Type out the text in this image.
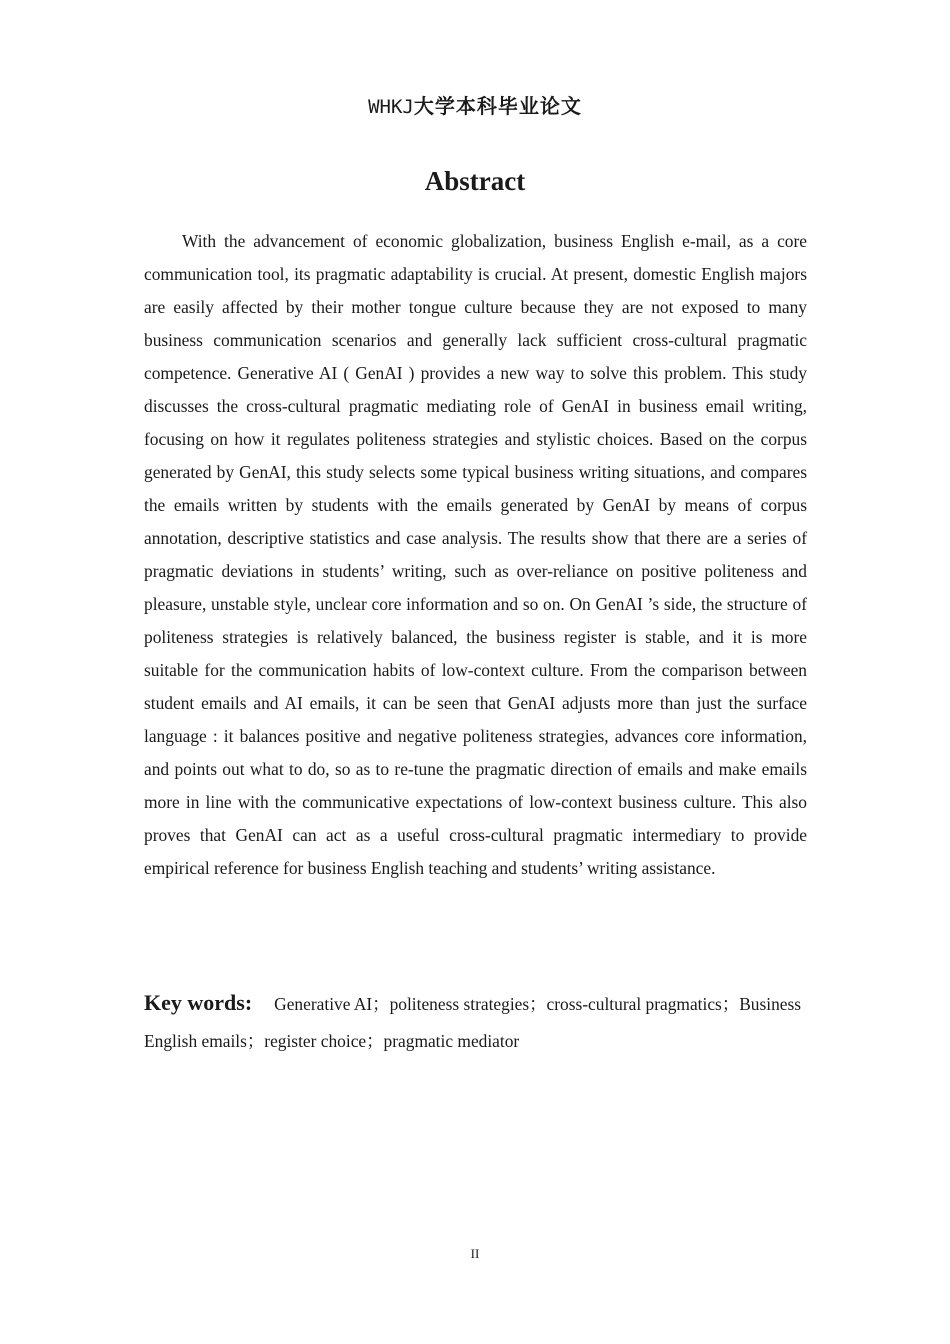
WHKJ大学本科毕业论文
Abstract

With the advancement of economic globalization, business English e-mail, as a core communication tool, its pragmatic adaptability is crucial. At present, domestic English majors are easily affected by their mother tongue culture because they are not exposed to many business communication scenarios and generally lack sufficient cross-cultural pragmatic competence. Generative AI ( GenAI ) provides a new way to solve this problem. This study discusses the cross-cultural pragmatic mediating role of GenAI in business email writing, focusing on how it regulates politeness strategies and stylistic choices. Based on the corpus generated by GenAI, this study selects some typical business writing situations, and compares the emails written by students with the emails generated by GenAI by means of corpus annotation, descriptive statistics and case analysis. The results show that there are a series of pragmatic deviations in students’ writing, such as over-reliance on positive politeness and pleasure, unstable style, unclear core information and so on. On GenAI ’s side, the structure of politeness strategies is relatively balanced, the business register is stable, and it is more suitable for the communication habits of low-context culture. From the comparison between student emails and AI emails, it can be seen that GenAI adjusts more than just the surface language : it balances positive and negative politeness strategies, advances core information, and points out what to do, so as to re-tune the pragmatic direction of emails and make emails more in line with the communicative expectations of low-context business culture. This also proves that GenAI can act as a useful cross-cultural pragmatic intermediary to provide empirical reference for business English teaching and students’ writing assistance.

Key words: Generative AI；politeness strategies；cross-cultural pragmatics；Business English emails；register choice；pragmatic mediator

II
